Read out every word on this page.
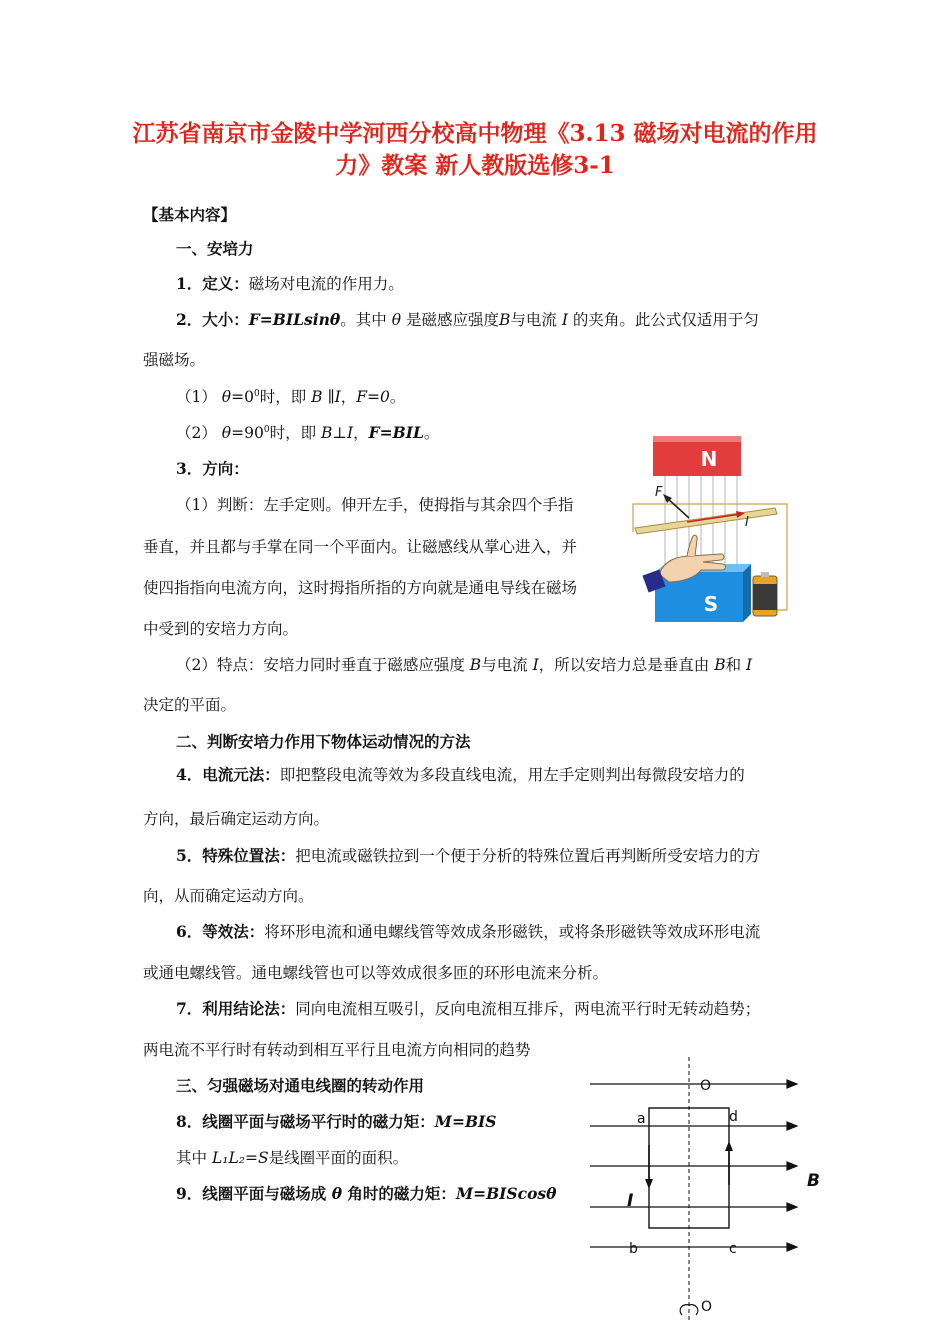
江苏省南京市金陵中学河西分校高中物理《3.13 磁场对电流的作用力》教案 新人教版选修3-1
【基本内容】
一、安培力
1．定义：磁场对电流的作用力。
2．大小：F=BILsinθ。其中 θ 是磁感应强度B与电流 I 的夹角。此公式仅适用于匀
强磁场。
（1） $\theta=0^0$时，即 B ∥I，F=0。
（2） $\theta=90^0$时，即 B⊥I，F=BIL。
3．方向：
（1）判断：左手定则。伸开左手，使拇指与其余四个手指
垂直，并且都与手掌在同一个平面内。让磁感线从掌心进入，并
使四指指向电流方向，这时拇指所指的方向就是通电导线在磁场
中受到的安培力方向。
（2）特点：安培力同时垂直于磁感应强度 B与电流 I，所以安培力总是垂直由 B和 I
决定的平面。
二、判断安培力作用下物体运动情况的方法
4．电流元法：即把整段电流等效为多段直线电流，用左手定则判出每微段安培力的
方向，最后确定运动方向。
5．特殊位置法：把电流或磁铁拉到一个便于分析的特殊位置后再判断所受安培力的方
向，从而确定运动方向。
6．等效法：将环形电流和通电螺线管等效成条形磁铁，或将条形磁铁等效成环形电流
或通电螺线管。通电螺线管也可以等效成很多匝的环形电流来分析。
7．利用结论法：同向电流相互吸引，反向电流相互排斥，两电流平行时无转动趋势；
两电流不平行时有转动到相互平行且电流方向相同的趋势
三、匀强磁场对通电线圈的转动作用
8．线圈平面与磁场平行时的磁力矩：M=BIS
其中 L₁L₂=S是线圈平面的面积。
9．线圈平面与磁场成 θ 角时的磁力矩：M=BIScosθ
N
I
F
S
O
O
a	d
b	c
I
B
